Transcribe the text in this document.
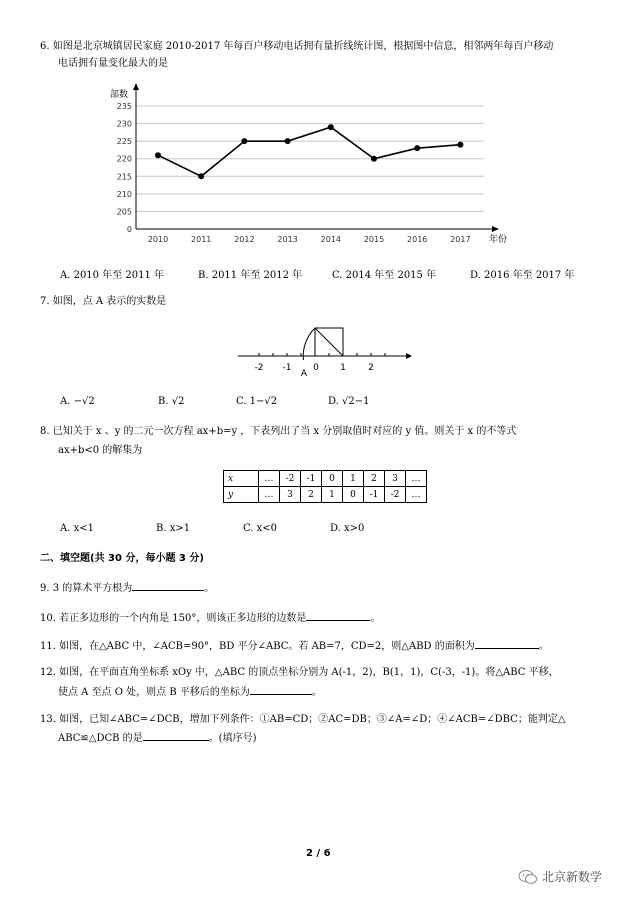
6. 如图是北京城镇居民家庭 2010-2017 年每百户移动电话拥有量折线统计图，根据图中信息，相邻两年每百户移动
电话拥有量变化最大的是
0
205
210
215
220
225
230
235
部数
年份
2010	2011	2012	2013	2014	2015	2016	2017
A. 2010 年至 2011 年	B. 2011 年至 2012 年	C. 2014 年至 2015 年	D. 2016 年至 2017 年
7. 如图，点 A 表示的实数是
-2 -1 0 1 2
A
A. −√2	B. √2	C. 1−√2	D. √2−1
8. 已知关于 x 、y 的二元一次方程 ax+b=y ，下表列出了当 x 分别取值时对应的 y 值。则关于 x 的不等式
ax+b<0 的解集为
x	…	-2	-1	0	1	2	3	…
y	…	3	2	1	0	-1	-2	…
A. x<1	B. x>1	C. x<0	D. x>0
二、填空题(共 30 分，每小题 3 分)
9. 3 的算术平方根为	。
10. 若正多边形的一个内角是 150°，则该正多边形的边数是	。
11. 如图，在△ABC 中，∠ACB=90°，BD 平分∠ABC。若 AB=7，CD=2，则△ABD 的面积为	。
12. 如图，在平面直角坐标系 xOy 中，△ABC 的顶点坐标分别为 A(-1，2)，B(1，1)，C(-3，-1)。将△ABC 平移，
使点 A 至点 O 处，则点 B 平移后的坐标为	。
13. 如图，已知∠ABC=∠DCB，增加下列条件：①AB=CD；②AC=DB；③∠A=∠D；④∠ACB=∠DBC；能判定△
ABC≌△DCB 的是	。(填序号)
2 / 6
北京新数学
